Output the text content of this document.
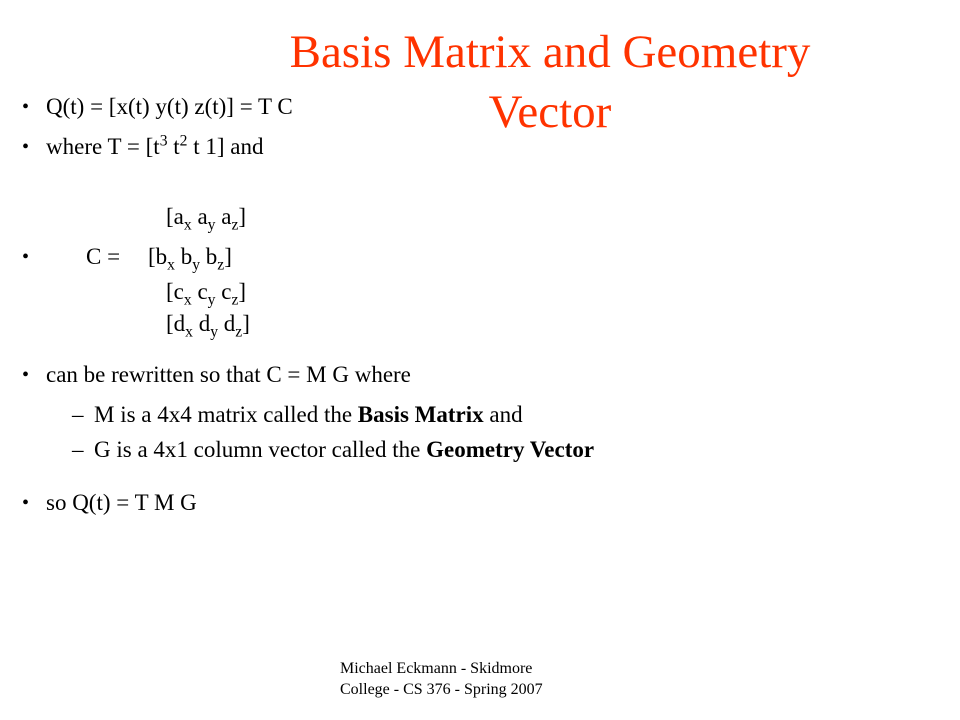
Basis Matrix and Geometry
Vector
• Q(t) = [x(t) y(t) z(t)] = T C
• where $T = [t^3$ $t^2$ t 1] and
• C =
[$a_x$ $a_y$ $a_z$]
[$b_x$ $b_y$ $b_z$]
[$c_x$ $c_y$ $c_z$]
[$d_x$ $d_y$ $d_z$]
• can be rewritten so that C = M G where
– M is a 4x4 matrix called the Basis Matrix and
– G is a 4x1 column vector called the Geometry Vector
• so Q(t) = T M G
Michael Eckmann - Skidmore
College - CS 376 - Spring 2007
